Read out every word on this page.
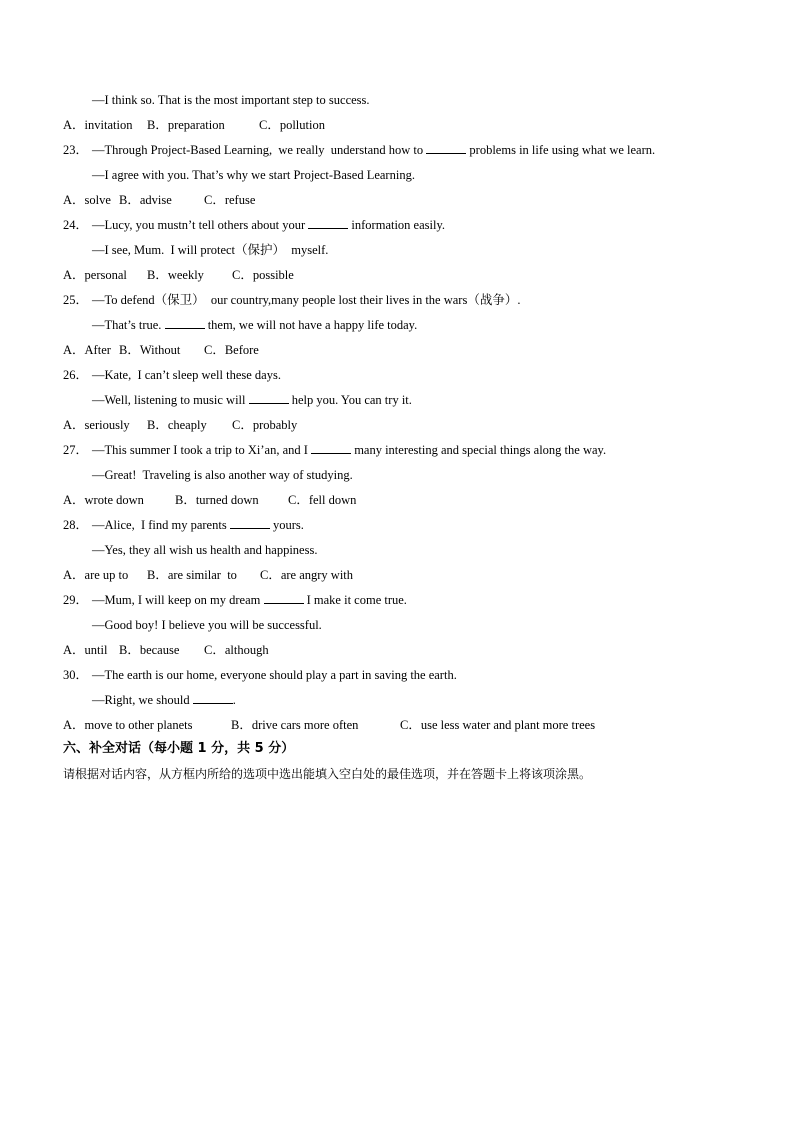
—I think so. That is the most important step to success.
A．invitation B．preparation	C．pollution
23． —Through Project-Based Learning,  we really  understand how to	problems in life using what we learn.
—I agree with you. That’s why we start Project-Based Learning.
A．solve B．advise	C．refuse
24． —Lucy, you mustn’t tell others about your	information easily.
—I see, Mum.  I will protect（保护）  myself.
A．personal B．weekly C．possible
25． —To defend（保卫）  our country,many people lost their lives in the wars（战争）.
—That’s true.	them, we will not have a happy life today.
A．After B．Without C．Before
26． —Kate,  I can’t sleep well these days.
—Well, listening to music will	help you. You can try it.
A．seriously B．cheaply C．probably
27． —This summer I took a trip to Xi’an, and I	many interesting and special things along the way.
—Great!  Traveling is also another way of studying.
A．wrote down B．turned down C．fell down
28． —Alice,  I find my parents	yours.
—Yes, they all wish us health and happiness.
A．are up to B．are similar  to C．are angry with
29． —Mum, I will keep on my dream	I make it come true.
—Good boy! I believe you will be successful.
A．until B．because C．although
30． —The earth is our home, everyone should play a part in saving the earth.
—Right, we should	.
A．move to other planets	B．drive cars more often	C．use less water and plant more trees
六、补全对话（每小题 1 分，共 5 分）
请根据对话内容，从方框内所给的选项中选出能填入空白处的最佳选项，并在答题卡上将该项涂黑。
